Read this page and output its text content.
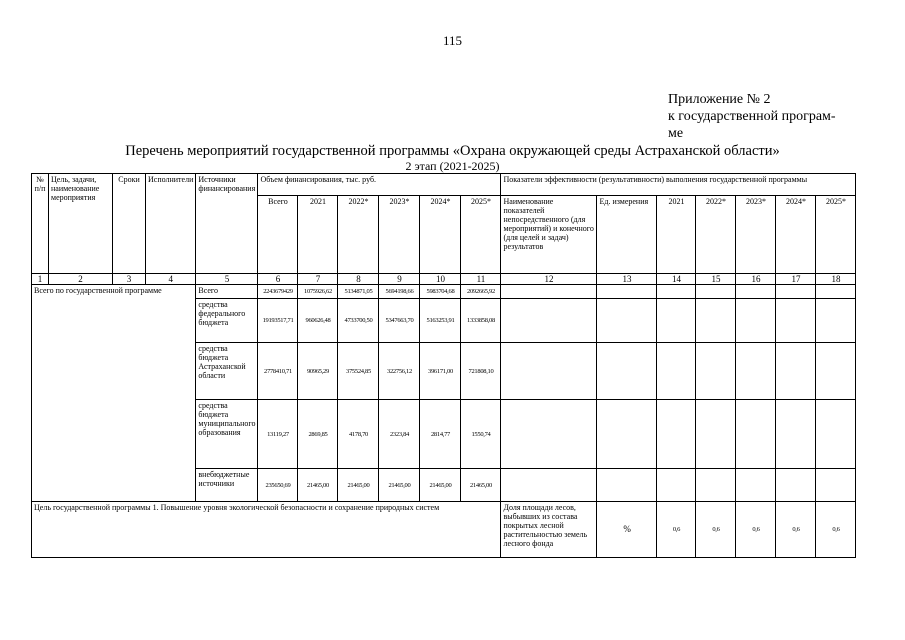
115
Приложение № 2
к государственной програм-
ме
Перечень мероприятий государственной программы «Охрана окружающей среды Астраханской области»
2 этап (2021-2025)
№ п/п	Цель, задачи, наименование мероприятия	Сроки	Исполнители	Источники финансирования	Объем финансирования, тыс. руб.						Показатели эффективности (результативности) выполнения государственной программы						
					Всего	2021	2022*	2023*	2024*	2025*	Наименование показателей непосредственного (для мероприятий) и конечного (для целей и задач) результатов	Ед. измерения	2021	2022*	2023*	2024*	2025*
1	2	3	4	5	6	7	8	9	10	11	12	13	14	15	16	17	18
Всего по государственной программе				Всего	2243679429	1075926,62	5134871,05	5694198,66	5983704,68	2092665,92							
				средства федерального бюджета	19193517,71	960626,48	4733700,50	5347663,70	5163253,91	1333858,08							
				средства бюджета Астраханской области	2778410,71	90965,29	375524,85	322756,12	396171,00	721808,10							
				средства бюджета муниципального образования	13119,27	2869,85	4178,70	2323,84	2814,77	1550,74							
				внебюджетные источники	235650,69	21465,00	21465,00	21465,00	21465,00	21465,00							
Цель государственной программы 1. Повышение уровня экологической безопасности и сохранение природных систем											Доля площади лесов, выбывших из состава покрытых лесной растительностью земель лесного фонда	%	0,6	0,6	0,6	0,6	0,6
